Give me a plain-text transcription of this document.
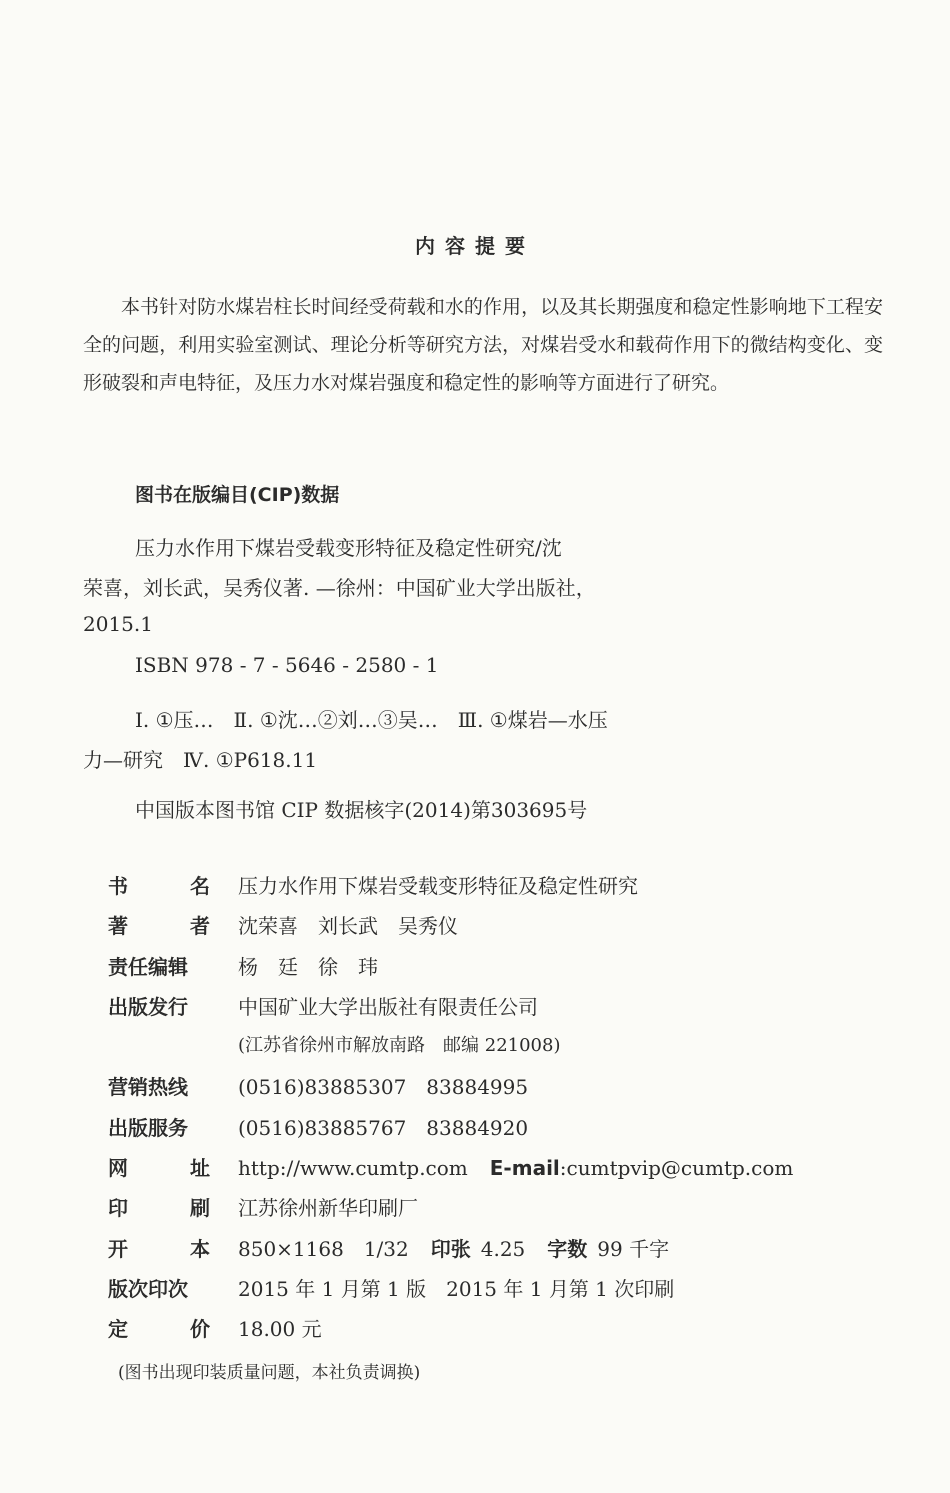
内容提要

本书针对防水煤岩柱长时间经受荷载和水的作用，以及其长期强度和稳定性影响地下工程安全的问题，利用实验室测试、理论分析等研究方法，对煤岩受水和载荷作用下的微结构变化、变形破裂和声电特征，及压力水对煤岩强度和稳定性的影响等方面进行了研究。

图书在版编目(CIP)数据
压力水作用下煤岩受载变形特征及稳定性研究/沈
荣喜，刘长武，吴秀仪著. —徐州：中国矿业大学出版社，
2015.1
ISBN 978 - 7 - 5646 - 2580 - 1
Ⅰ. ①压…　Ⅱ. ①沈…②刘…③吴…　Ⅲ. ①煤岩—水压
力—研究　Ⅳ. ①P618.11
中国版本图书馆 CIP 数据核字(2014)第303695号
书	名 压力水作用下煤岩受载变形特征及稳定性研究
著	者 沈荣喜　刘长武　吴秀仪
责任编辑	杨　廷　徐　玮
出版发行	中国矿业大学出版社有限责任公司
(江苏省徐州市解放南路　邮编 221008)
营销热线	(0516)83885307　83884995
出版服务	(0516)83885767　83884920
网	址 http://www.cumtp.com E-mail:cumtpvip@cumtp.com
印	刷 江苏徐州新华印刷厂
开	本 850×1168　1/32 印张 4.25 字数 99 千字
版次印次	2015 年 1 月第 1 版　2015 年 1 月第 1 次印刷
定	价 18.00 元
(图书出现印装质量问题，本社负责调换)
